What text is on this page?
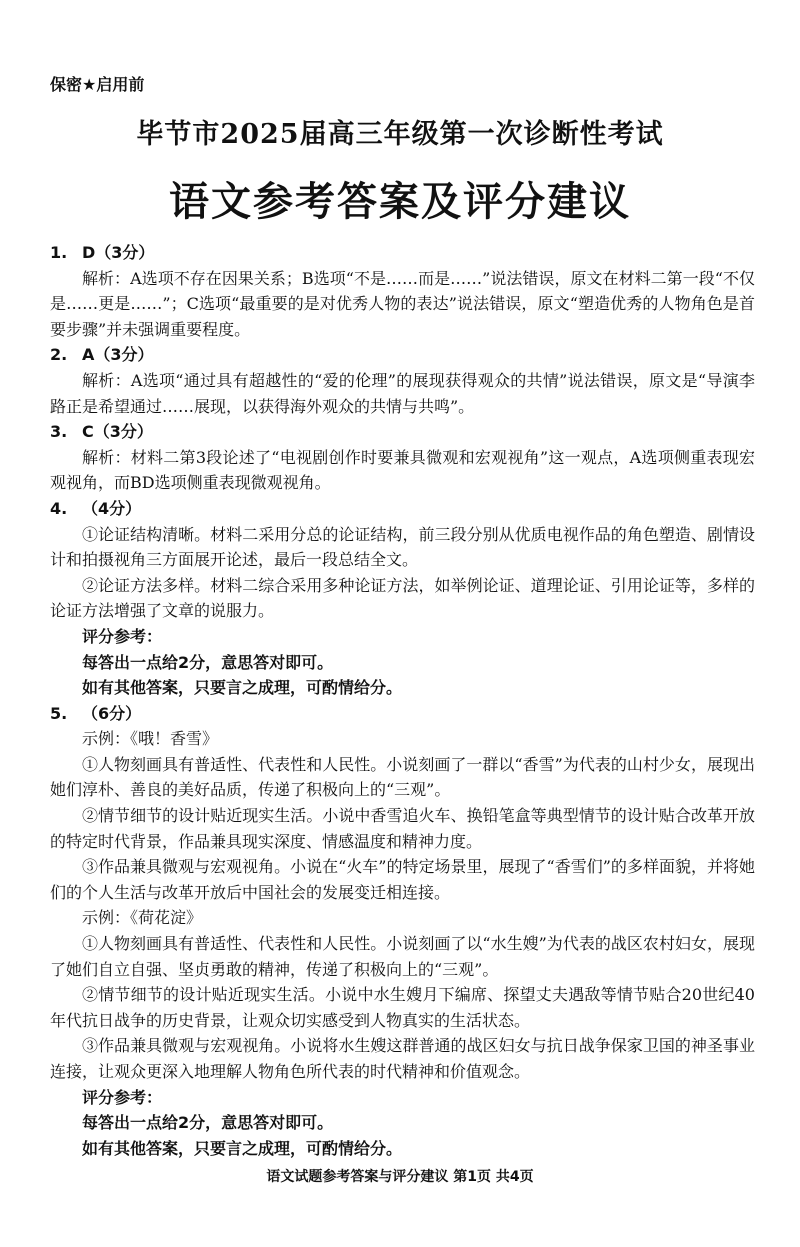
保密★启用前
毕节市2025届高三年级第一次诊断性考试
语文参考答案及评分建议
1. D（3分）
解析：A选项不存在因果关系；B选项“不是……而是……”说法错误，原文在材料二第一段“不仅是……更是……”；C选项“最重要的是对优秀人物的表达”说法错误，原文“塑造优秀的人物角色是首要步骤”并未强调重要程度。
2. A（3分）
解析：A选项“通过具有超越性的“爱的伦理”的展现获得观众的共情”说法错误，原文是“导演李路正是希望通过……展现，以获得海外观众的共情与共鸣”。
3. C（3分）
解析：材料二第3段论述了“电视剧创作时要兼具微观和宏观视角”这一观点，A选项侧重表现宏观视角，而BD选项侧重表现微观视角。
4. （4分）
①论证结构清晰。材料二采用分总的论证结构，前三段分别从优质电视作品的角色塑造、剧情设计和拍摄视角三方面展开论述，最后一段总结全文。
②论证方法多样。材料二综合采用多种论证方法，如举例论证、道理论证、引用论证等，多样的论证方法增强了文章的说服力。
评分参考：
每答出一点给2分，意思答对即可。
如有其他答案，只要言之成理，可酌情给分。
5. （6分）
示例：《哦！香雪》
①人物刻画具有普适性、代表性和人民性。小说刻画了一群以“香雪”为代表的山村少女，展现出她们淳朴、善良的美好品质，传递了积极向上的“三观”。
②情节细节的设计贴近现实生活。小说中香雪追火车、换铅笔盒等典型情节的设计贴合改革开放的特定时代背景，作品兼具现实深度、情感温度和精神力度。
③作品兼具微观与宏观视角。小说在“火车”的特定场景里，展现了“香雪们”的多样面貌，并将她们的个人生活与改革开放后中国社会的发展变迁相连接。
示例：《荷花淀》
①人物刻画具有普适性、代表性和人民性。小说刻画了以“水生嫂”为代表的战区农村妇女，展现了她们自立自强、坚贞勇敢的精神，传递了积极向上的“三观”。
②情节细节的设计贴近现实生活。小说中水生嫂月下编席、探望丈夫遇敌等情节贴合20世纪40年代抗日战争的历史背景，让观众切实感受到人物真实的生活状态。
③作品兼具微观与宏观视角。小说将水生嫂这群普通的战区妇女与抗日战争保家卫国的神圣事业连接，让观众更深入地理解人物角色所代表的时代精神和价值观念。
评分参考：
每答出一点给2分，意思答对即可。
如有其他答案，只要言之成理，可酌情给分。
语文试题参考答案与评分建议 第1页 共4页
